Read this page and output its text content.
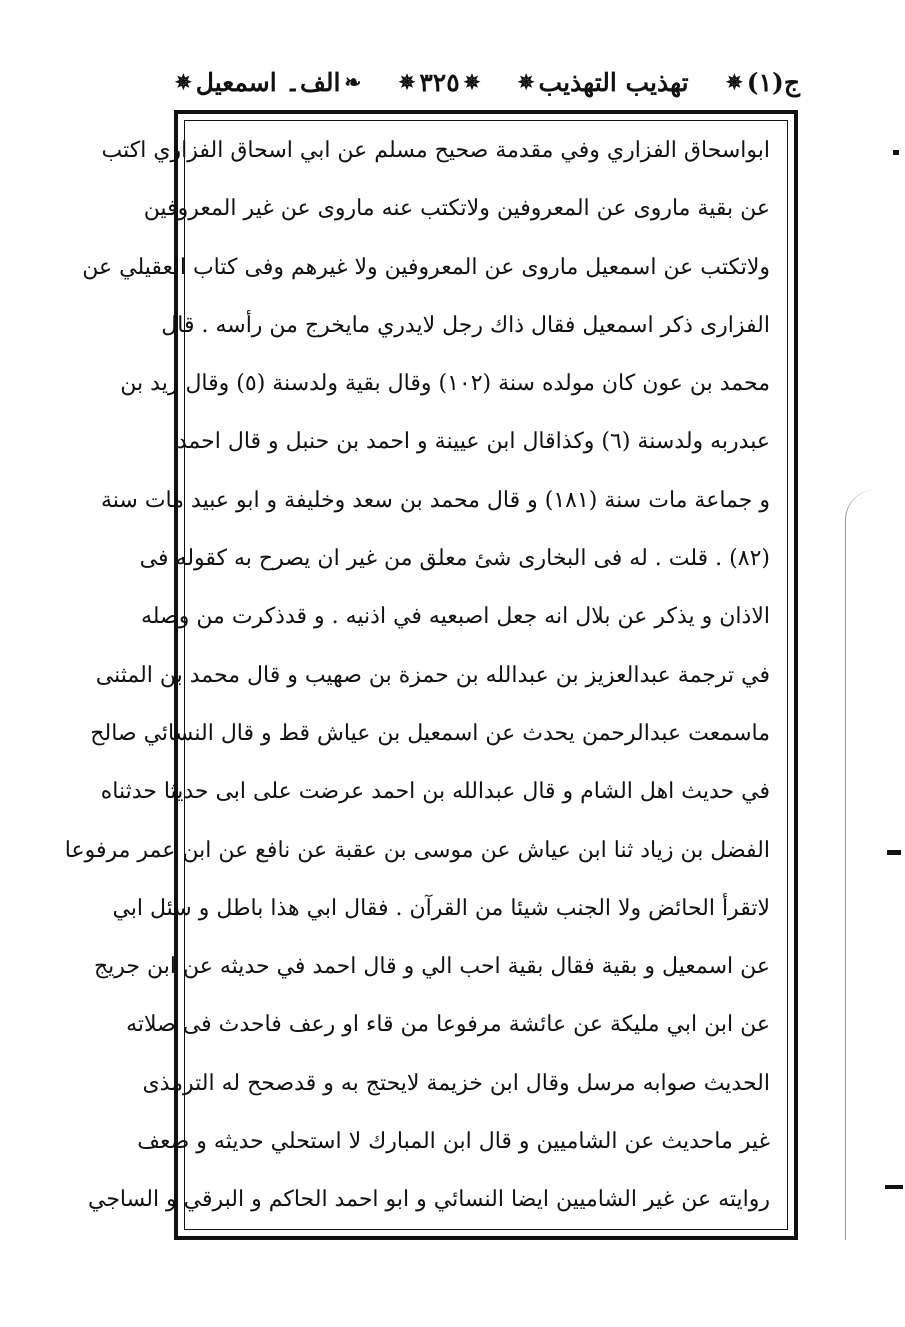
ج(١)
✵
تهذيب التهذيب
✵
✵
٣٢٥
✵
❧
الف۔ اسمعيل
✵
ابواسحاق الفزاري وفي مقدمة صحيح مسلم عن ابي اسحاق الفزاري اكتب
عن بقية ماروى عن المعروفين ولاتكتب عنه ماروى عن غير المعروفين
ولاتكتب عن اسمعيل ماروى عن المعروفين ولا غيرهم وفى كتاب العقيلي عن
الفزارى ذكر اسمعيل فقال ذاك رجل لايدري مايخرج من رأسه . قال
محمد بن عون كان مولده سنة (١٠٢) وقال بقية ولدسنة (٥) وقال زيد بن
عبدربه ولدسنة (٦) وكذاقال ابن عيينة و احمد بن حنبل و قال احمد
و جماعة مات سنة (١٨١) و قال محمد بن سعد وخليفة و ابو عبيد مات سنة
(٨٢) . قلت . له فى البخارى شئ معلق من غير ان يصرح به كقوله فى
الاذان و يذكر عن بلال انه جعل اصبعيه في اذنيه . و قدذكرت من وصله
في ترجمة عبدالعزيز بن عبدالله بن حمزة بن صهيب و قال محمد بن المثنى
ماسمعت عبدالرحمن يحدث عن اسمعيل بن عياش قط و قال النسائي صالح
في حديث اهل الشام و قال عبدالله بن احمد عرضت على ابى حديثا حدثناه
الفضل بن زياد ثنا ابن عياش عن موسى بن عقبة عن نافع عن ابن عمر مرفوعا
لاتقرأ الحائض ولا الجنب شيئا من القرآن . فقال ابي هذا باطل و سئل ابي
عن اسمعيل و بقية فقال بقية احب الي و قال احمد في حديثه عن ابن جريج
عن ابن ابي مليكة عن عائشة مرفوعا من قاء او رعف فاحدث فى صلاته
الحديث صوابه مرسل وقال ابن خزيمة لايحتج به و قدصحح له الترمذى
غير ماحديث عن الشاميين و قال ابن المبارك لا استحلي حديثه و ضعف
روايته عن غير الشاميين ايضا النسائي و ابو احمد الحاكم و البرقي و الساجي
